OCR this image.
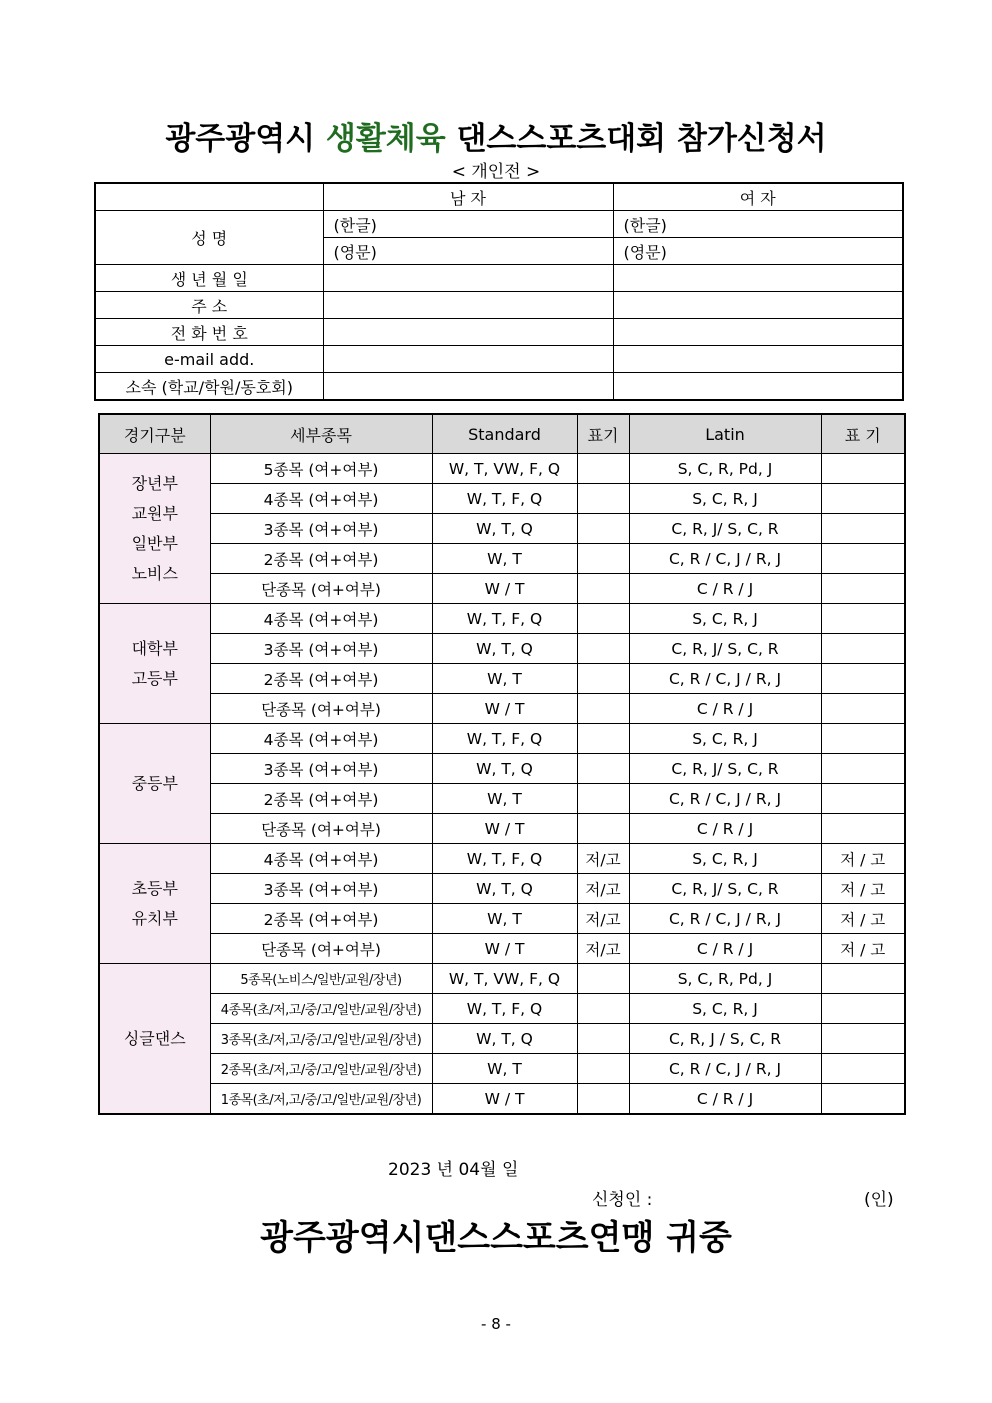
광주광역시 생활체육 댄스스포츠대회 참가신청서
< 개인전 >
	남 자	여 자
성 명	(한글)	(한글)
	(영문)	(영문)
생 년 월 일		
주 소		
전 화 번 호		
e-mail add.		
소속 (학교/학원/동호회)		
경기구분	세부종목	Standard	표기	Latin	표 기
장년부
교원부
일반부
노비스	5종목 (여+여부)	W, T, VW, F, Q		S, C, R, Pd, J	
	4종목 (여+여부)	W, T, F, Q		S, C, R, J	
	3종목 (여+여부)	W, T, Q		C, R, J/ S, C, R	
	2종목 (여+여부)	W, T		C, R / C, J / R, J	
	단종목 (여+여부)	W / T		C / R / J	
대학부
고등부	4종목 (여+여부)	W, T, F, Q		S, C, R, J	
	3종목 (여+여부)	W, T, Q		C, R, J/ S, C, R	
	2종목 (여+여부)	W, T		C, R / C, J / R, J	
	단종목 (여+여부)	W / T		C / R / J	
중등부	4종목 (여+여부)	W, T, F, Q		S, C, R, J	
	3종목 (여+여부)	W, T, Q		C, R, J/ S, C, R	
	2종목 (여+여부)	W, T		C, R / C, J / R, J	
	단종목 (여+여부)	W / T		C / R / J	
초등부
유치부	4종목 (여+여부)	W, T, F, Q	저/고	S, C, R, J	저 / 고
	3종목 (여+여부)	W, T, Q	저/고	C, R, J/ S, C, R	저 / 고
	2종목 (여+여부)	W, T	저/고	C, R / C, J / R, J	저 / 고
	단종목 (여+여부)	W / T	저/고	C / R / J	저 / 고
싱글댄스	5종목(노비스/일반/교원/장년)	W, T, VW, F, Q		S, C, R, Pd, J	
	4종목(초/저,고/중/고/일반/교원/장년)	W, T, F, Q		S, C, R, J	
	3종목(초/저,고/중/고/일반/교원/장년)	W, T, Q		C, R, J / S, C, R	
	2종목(초/저,고/중/고/일반/교원/장년)	W, T		C, R / C, J / R, J	
	1종목(초/저,고/중/고/일반/교원/장년)	W / T		C / R / J	
2023 년 04월 일
신청인 :	(인)
광주광역시댄스스포츠연맹 귀중
- 8 -
